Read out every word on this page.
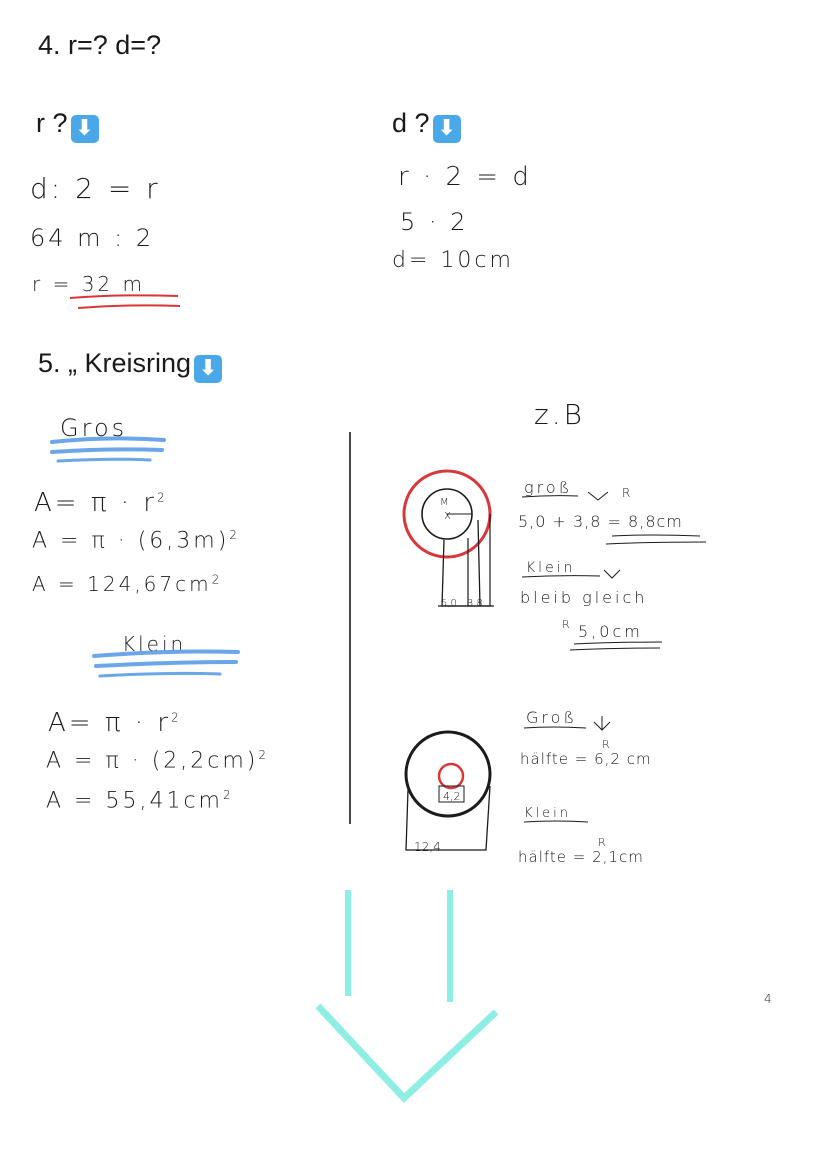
4. r=? d=?
r ? ⬇	d ? ⬇
5. „ Kreisring ⬇
d: 2 = r
64 m : 2
r = 32 m
r · 2 = d
5 · 2
d= 10cm
Gros
$A= \pi \cdot r^2$
$A = \pi \cdot (6,3m)^2$
$A = 124,67cm^2$
Klein
$A= \pi \cdot r^2$
$A = \pi \cdot (2,2cm)^2$
$A = 55,41cm^2$
z.B
groß	R
5,0 + 3,8 = 8,8cm
Klein
bleib gleich
R 5,0cm
Groß
R
hälfte = 6,2 cm
Klein
R
hälfte = 2,1cm
M
x
5,0 3,8
4,2
12,4
4
